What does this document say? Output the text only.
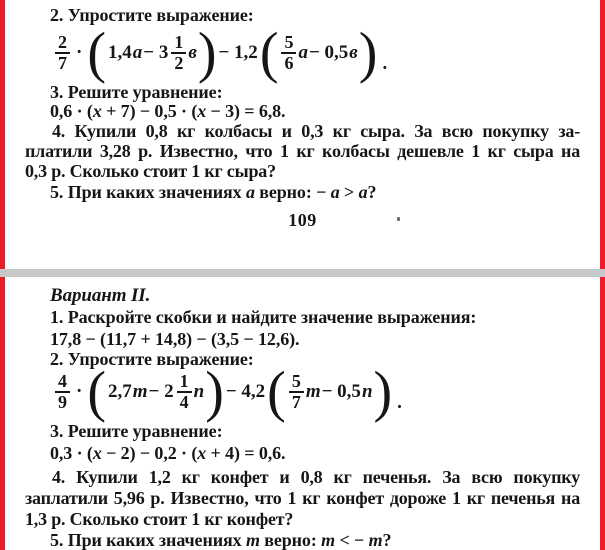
2. Упростите выражение:
$\frac{2}{7}$ · ( 1,4 $a - 3 \frac{1}{2}$ в ) − 1,2 ( $\frac{5}{6}$ a − 0,5 в ) .
3. Решите уравнение:
0,6 · (x + 7) − 0,5 · (x − 3) = 6,8.
4. Купили 0,8 кг колбасы и 0,3 кг сыра. За всю покупку за-
платили 3,28 р. Известно, что 1 кг колбасы дешевле 1 кг сыра на
0,3 р. Сколько стоит 1 кг сыра?
5. При каких значениях a верно: − a > a?
109
Вариант II.
1. Раскройте скобки и найдите значение выражения:
17,8 − (11,7 + 14,8) − (3,5 − 12,6).
2. Упростите выражение:
$\frac{4}{9}$ · ( 2,7 $m - 2 \frac{1}{4}$ n ) − 4,2 ( $\frac{5}{7}$ m − 0,5 n ) .
3. Решите уравнение:
0,3 · (x − 2) − 0,2 · (x + 4) = 0,6.
4. Купили 1,2 кг конфет и 0,8 кг печенья. За всю покупку
заплатили 5,96 р. Известно, что 1 кг конфет дороже 1 кг печенья на
1,3 р. Сколько стоит 1 кг конфет?
5. При каких значениях m верно: m < − m?
